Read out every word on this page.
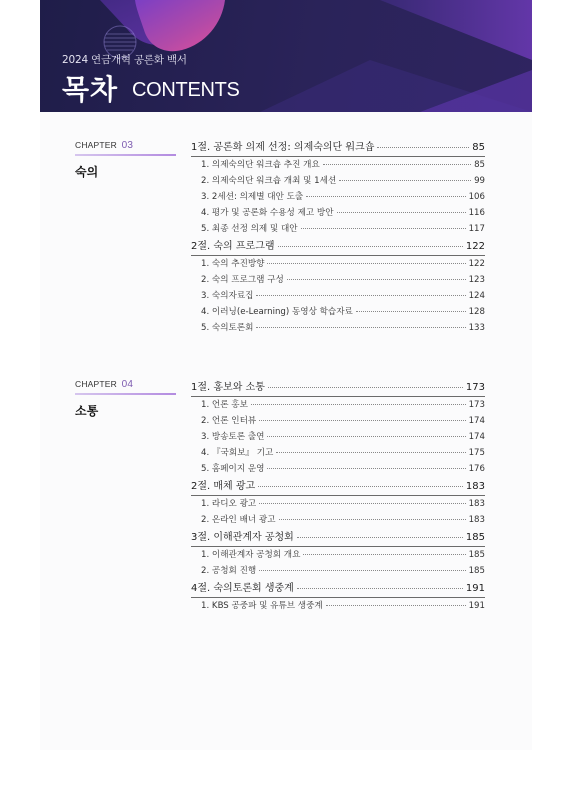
2024 연금개혁 공론화 백서
목차 CONTENTS
CHAPTER 03
숙의
1절. 공론화 의제 선정: 의제숙의단 워크숍	85
1. 의제숙의단 워크숍 추진 개요	85
2. 의제숙의단 워크숍 개최 및 1세션	99
3. 2세션: 의제별 대안 도출	106
4. 평가 및 공론화 수용성 제고 방안	116
5. 최종 선정 의제 및 대안	117
2절. 숙의 프로그램	122
1. 숙의 추진방향	122
2. 숙의 프로그램 구성	123
3. 숙의자료집	124
4. 이러닝(e-Learning) 동영상 학습자료	128
5. 숙의토론회	133
CHAPTER 04
소통
1절. 홍보와 소통	173
1. 언론 홍보	173
2. 언론 인터뷰	174
3. 방송토론 출연	174
4. 『국회보』 기고	175
5. 홈페이지 운영	176
2절. 매체 광고	183
1. 라디오 광고	183
2. 온라인 배너 광고	183
3절. 이해관계자 공청회	185
1. 이해관계자 공청회 개요	185
2. 공청회 진행	185
4절. 숙의토론회 생중계	191
1. KBS 공중파 및 유튜브 생중계	191
